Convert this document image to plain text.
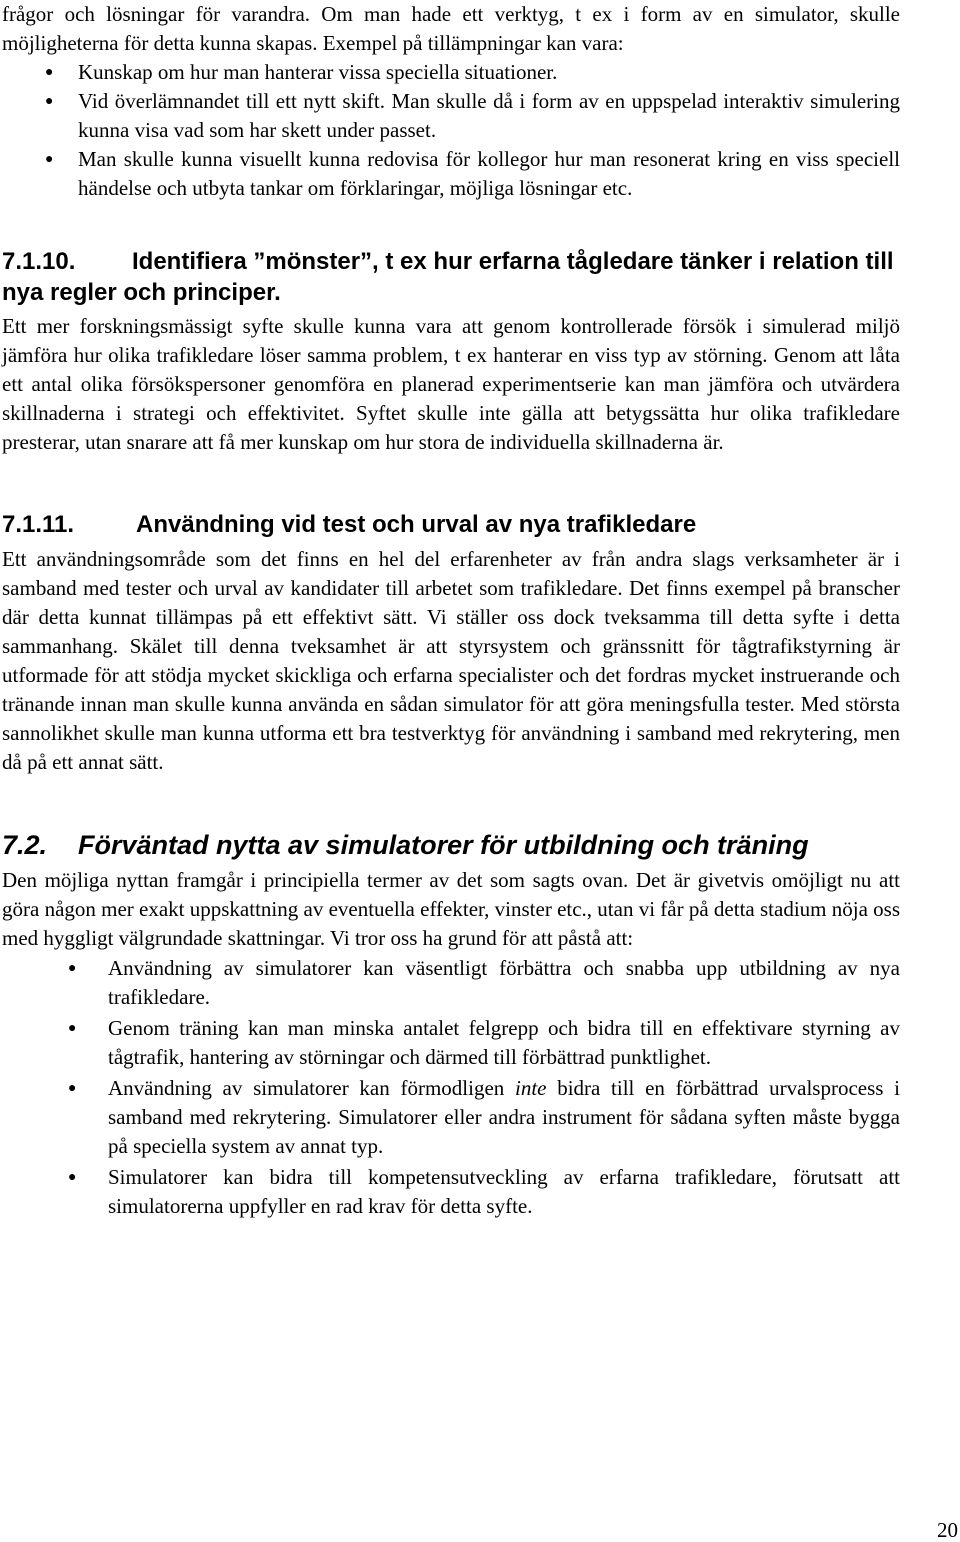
frågor och lösningar för varandra. Om man hade ett verktyg, t ex i form av en simulator, skulle möjligheterna för detta kunna skapas. Exempel på tillämpningar kan vara:

● Kunskap om hur man hanterar vissa speciella situationer.
● Vid överlämnandet till ett nytt skift. Man skulle då i form av en uppspelad interaktiv simulering kunna visa vad som har skett under passet.
● Man skulle kunna visuellt kunna redovisa för kollegor hur man resonerat kring en viss speciell händelse och utbyta tankar om förklaringar, möjliga lösningar etc.
7.1.10. Identifiera ”mönster”, t ex hur erfarna tågledare tänker i relation till nya regler och principer.

Ett mer forskningsmässigt syfte skulle kunna vara att genom kontrollerade försök i simulerad miljö jämföra hur olika trafikledare löser samma problem, t ex hanterar en viss typ av störning. Genom att låta ett antal olika försökspersoner genomföra en planerad experimentserie kan man jämföra och utvärdera skillnaderna i strategi och effektivitet. Syftet skulle inte gälla att betygssätta hur olika trafikledare presterar, utan snarare att få mer kunskap om hur stora de individuella skillnaderna är.

7.1.11.	Användning vid test och urval av nya trafikledare

Ett användningsområde som det finns en hel del erfarenheter av från andra slags verksamheter är i samband med tester och urval av kandidater till arbetet som trafikledare. Det finns exempel på branscher där detta kunnat tillämpas på ett effektivt sätt. Vi ställer oss dock tveksamma till detta syfte i detta sammanhang. Skälet till denna tveksamhet är att styrsystem och gränssnitt för tågtrafikstyrning är utformade för att stödja mycket skickliga och erfarna specialister och det fordras mycket instruerande och tränande innan man skulle kunna använda en sådan simulator för att göra meningsfulla tester. Med största sannolikhet skulle man kunna utforma ett bra testverktyg för användning i samband med rekrytering, men då på ett annat sätt.

7.2. Förväntad nytta av simulatorer för utbildning och träning

Den möjliga nyttan framgår i principiella termer av det som sagts ovan. Det är givetvis omöjligt nu att göra någon mer exakt uppskattning av eventuella effekter, vinster etc., utan vi får på detta stadium nöja oss med hyggligt välgrundade skattningar. Vi tror oss ha grund för att påstå att:

● Användning av simulatorer kan väsentligt förbättra och snabba upp utbildning av nya trafikledare.
● Genom träning kan man minska antalet felgrepp och bidra till en effektivare styrning av tågtrafik, hantering av störningar och därmed till förbättrad punktlighet.
● Användning av simulatorer kan förmodligen inte bidra till en förbättrad urvalsprocess i samband med rekrytering. Simulatorer eller andra instrument för sådana syften måste bygga på speciella system av annat typ.
● Simulatorer kan bidra till kompetensutveckling av erfarna trafikledare, förutsatt att simulatorerna uppfyller en rad krav för detta syfte.
20
